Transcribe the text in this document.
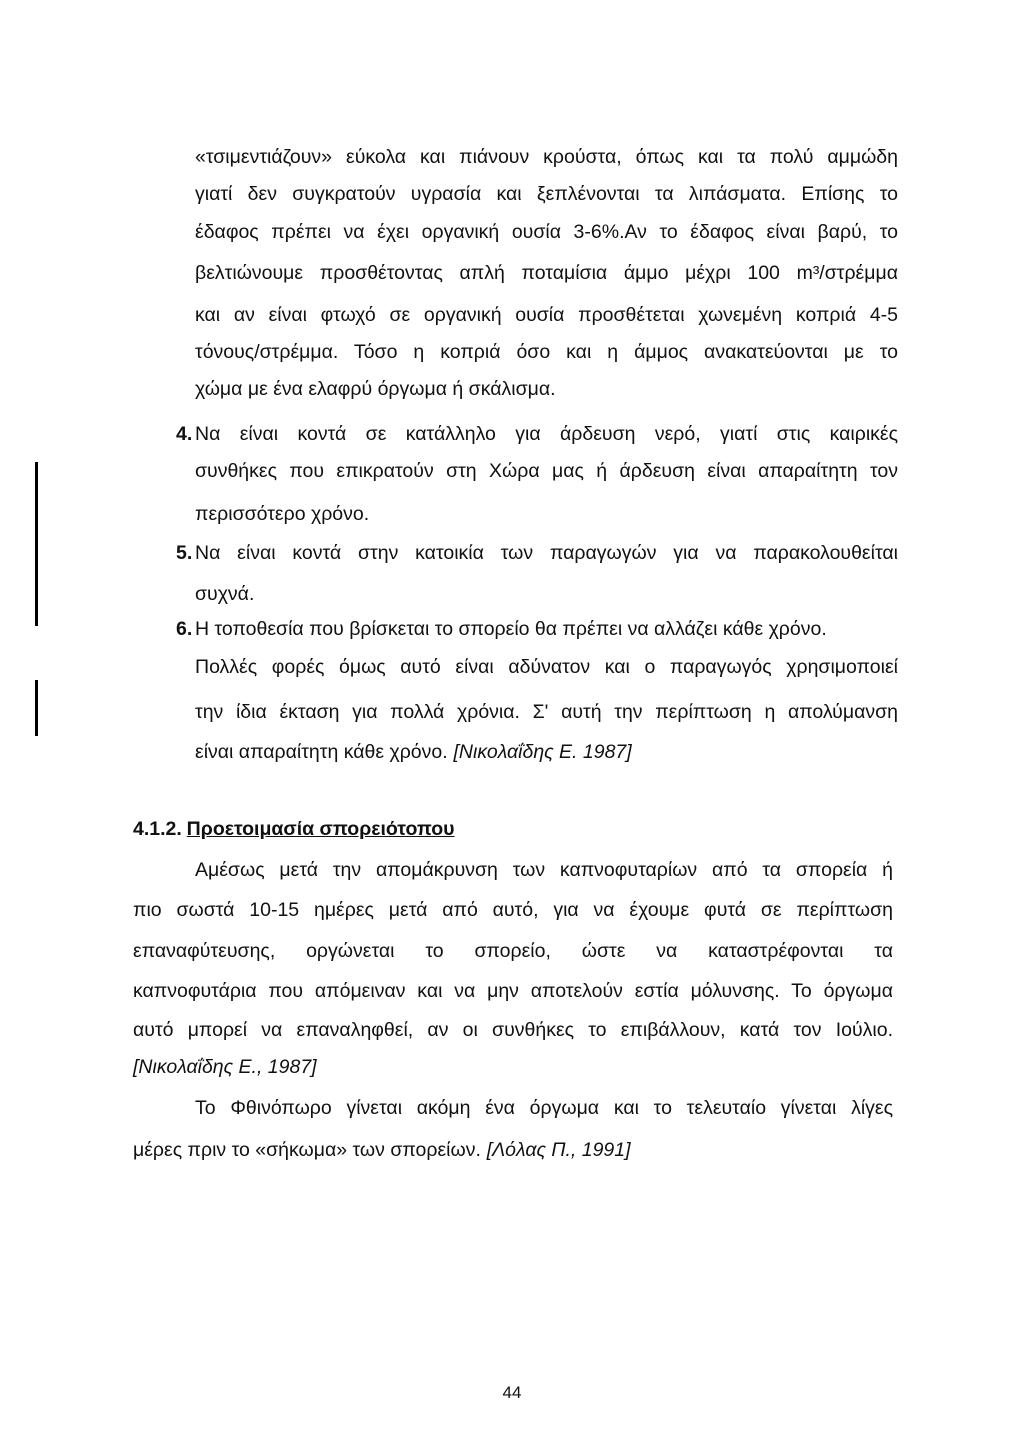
«τσιμεντιάζουν» εύκολα και πιάνουν κρούστα, όπως και τα πολύ αμμώδη
γιατί δεν συγκρατούν υγρασία και ξεπλένονται τα λιπάσματα. Επίσης το
έδαφος πρέπει να έχει οργανική ουσία 3-6%.Αν το έδαφος είναι βαρύ, το
βελτιώνουμε προσθέτοντας απλή ποταμίσια άμμο μέχρι 100 m³/στρέμμα
και αν είναι φτωχό σε οργανική ουσία προσθέτεται χωνεμένη κοπριά 4-5
τόνους/στρέμμα. Τόσο η κοπριά όσο και η άμμος ανακατεύονται με το
χώμα με ένα ελαφρύ όργωμα ή σκάλισμα.
4. Να είναι κοντά σε κατάλληλο για άρδευση νερό, γιατί στις καιρικές
συνθήκες που επικρατούν στη Χώρα μας ή άρδευση είναι απαραίτητη τον
περισσότερο χρόνο.
5. Να είναι κοντά στην κατοικία των παραγωγών για να παρακολουθείται
συχνά.
6. Η τοποθεσία που βρίσκεται το σπορείο θα πρέπει να αλλάζει κάθε χρόνο.
Πολλές φορές όμως αυτό είναι αδύνατον και ο παραγωγός χρησιμοποιεί
την ίδια έκταση για πολλά χρόνια. Σ' αυτή την περίπτωση η απολύμανση
είναι απαραίτητη κάθε χρόνο. [Νικολαΐδης Ε. 1987]
4.1.2. Προετοιμασία σπορειότοπου
Αμέσως μετά την απομάκρυνση των καπνοφυταρίων από τα σπορεία ή
πιο σωστά 10-15 ημέρες μετά από αυτό, για να έχουμε φυτά σε περίπτωση
επαναφύτευσης, οργώνεται το σπορείο, ώστε να καταστρέφονται τα
καπνοφυτάρια που απόμειναν και να μην αποτελούν εστία μόλυνσης. Το όργωμα
αυτό μπορεί να επαναληφθεί, αν οι συνθήκες το επιβάλλουν, κατά τον Ιούλιο.
[Νικολαΐδης Ε., 1987]
Το Φθινόπωρο γίνεται ακόμη ένα όργωμα και το τελευταίο γίνεται λίγες
μέρες πριν το «σήκωμα» των σπορείων. [Λόλας Π., 1991]
44
